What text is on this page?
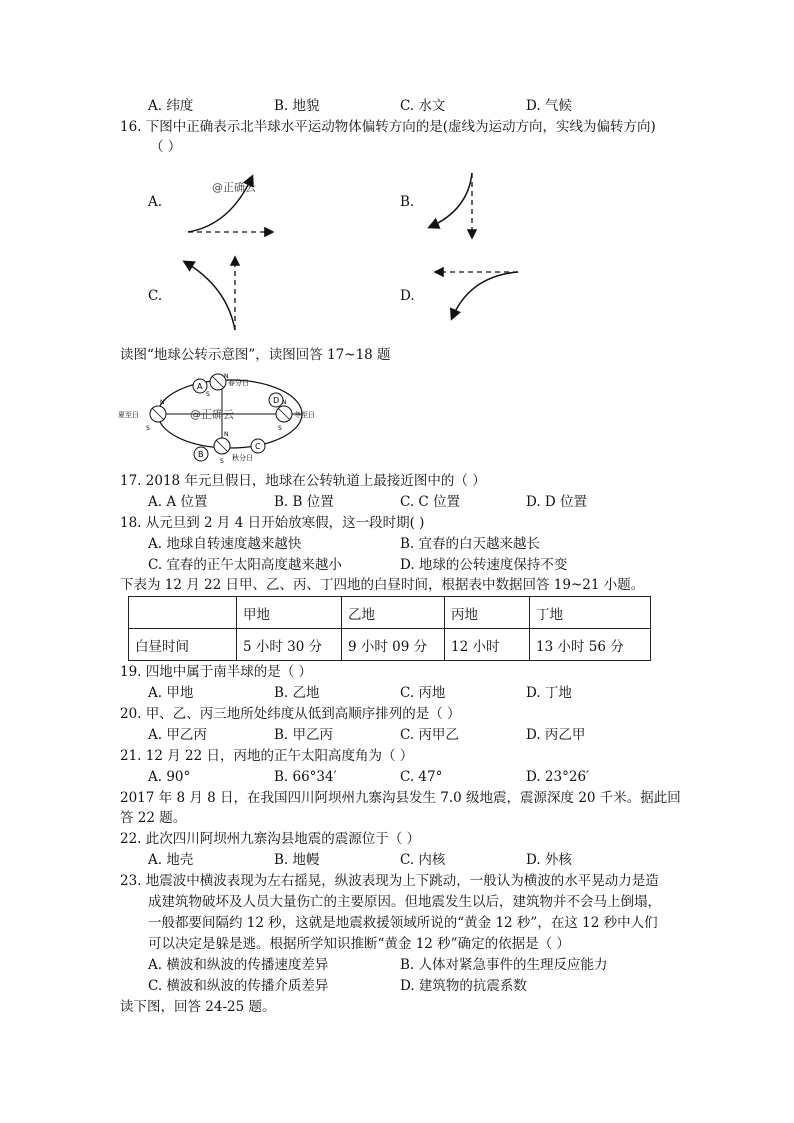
A. 纬度	B. 地貌	C. 水文	D. 气候
16. 下图中正确表示北半球水平运动物体偏转方向的是(虚线为运动方向，实线为偏转方向)
（ ）
A.	B.
C.	D.
@正确云
读图“地球公转示意图”，读图回答 17~18 题
A
B
C
D
N
S
N
S
N
S
N
S
春分日
夏至日	冬至日
秋分日
@正确云
17. 2018 年元旦假日，地球在公转轨道上最接近图中的（ ）
A. A 位置	B. B 位置	C. C 位置	D. D 位置
18. 从元旦到 2 月 4 日开始放寒假，这一段时期( )
A. 地球自转速度越来越快	B. 宜春的白天越来越长
C. 宜春的正午太阳高度越来越小	D. 地球的公转速度保持不变
下表为 12 月 22 日甲、乙、丙、丁四地的白昼时间，根据表中数据回答 19~21 小题。
	甲地	乙地	丙地	丁地
白昼时间	5 小时 30 分	9 小时 09 分	12 小时	13 小时 56 分
19. 四地中属于南半球的是（ ）
A. 甲地	B. 乙地	C. 丙地	D. 丁地
20. 甲、乙、丙三地所处纬度从低到高顺序排列的是（ ）
A. 甲乙丙	B. 甲乙丙	C. 丙甲乙	D. 丙乙甲
21. 12 月 22 日，丙地的正午太阳高度角为（ ）
A. 90°	B. 66°34′	C. 47°	D. 23°26′
2017 年 8 月 8 日，在我国四川阿坝州九寨沟县发生 7.0 级地震，震源深度 20 千米。据此回
答 22 题。
22. 此次四川阿坝州九寨沟县地震的震源位于（ ）
A. 地壳	B. 地幔	C. 内核	D. 外核
23. 地震波中横波表现为左右摇晃，纵波表现为上下跳动，一般认为横波的水平晃动力是造
成建筑物破坏及人员大量伤亡的主要原因。但地震发生以后，建筑物并不会马上倒塌，
一般都要间隔约 12 秒，这就是地震救援领域所说的“黄金 12 秒”，在这 12 秒中人们
可以决定是躲是逃。根据所学知识推断“黄金 12 秒”确定的依据是（ ）
A. 横波和纵波的传播速度差异	B. 人体对紧急事件的生理反应能力
C. 横波和纵波的传播介质差异	D. 建筑物的抗震系数
读下图，回答 24-25 题。
